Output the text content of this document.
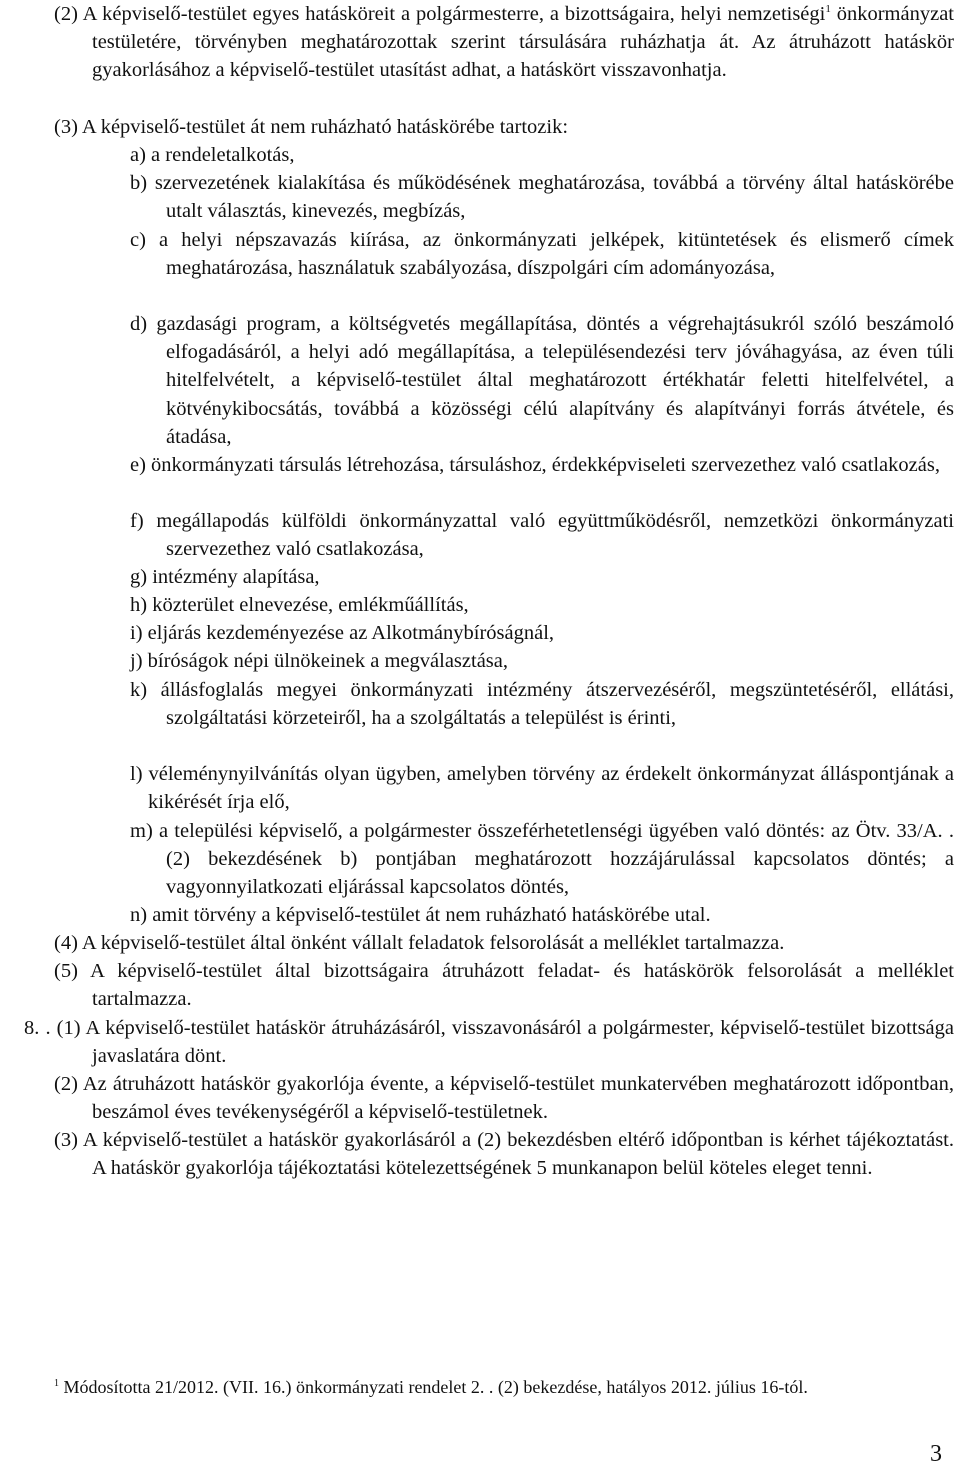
(2) A képviselő-testület egyes hatásköreit a polgármesterre, a bizottságaira, helyi nemzetiségi$^1$ önkormányzat testületére, törvényben meghatározottak szerint társulására ruházhatja át. Az átruházott hatáskör gyakorlásához a képviselő-testület utasítást adhat, a hatáskört visszavonhatja.

(3) A képviselő-testület át nem ruházható hatáskörébe tartozik:

a) a rendeletalkotás,

b) szervezetének kialakítása és működésének meghatározása, továbbá a törvény által hatáskörébe utalt választás, kinevezés, megbízás,

c) a helyi népszavazás kiírása, az önkormányzati jelképek, kitüntetések és elismerő címek meghatározása, használatuk szabályozása, díszpolgári cím adományozása,

d) gazdasági program, a költségvetés megállapítása, döntés a végrehajtásukról szóló beszámoló elfogadásáról, a helyi adó megállapítása, a településendezési terv jóváhagyása, az éven túli hitelfelvételt, a képviselő-testület által meghatározott értékhatár feletti hitelfelvétel, a kötvénykibocsátás, továbbá a közösségi célú alapítvány és alapítványi forrás átvétele, és átadása,

e) önkormányzati társulás létrehozása, társuláshoz, érdekképviseleti szervezethez való csatlakozás,

f) megállapodás külföldi önkormányzattal való együttműködésről, nemzetközi önkormányzati szervezethez való csatlakozása,

g) intézmény alapítása,

h) közterület elnevezése, emlékműállítás,

i) eljárás kezdeményezése az Alkotmánybíróságnál,

j) bíróságok népi ülnökeinek a megválasztása,

k) állásfoglalás megyei önkormányzati intézmény átszervezéséről, megszüntetéséről, ellátási, szolgáltatási körzeteiről, ha a szolgáltatás a települést is érinti,

l) véleménynyilvánítás olyan ügyben, amelyben törvény az érdekelt önkormányzat álláspontjának a kikérését írja elő,

m) a települési képviselő, a polgármester összeférhetetlenségi ügyében való döntés: az Ötv. 33/A. . (2) bekezdésének b) pontjában meghatározott hozzájárulással kapcsolatos döntés; a vagyonnyilatkozati eljárással kapcsolatos döntés,

n) amit törvény a képviselő-testület át nem ruházható hatáskörébe utal.

(4) A képviselő-testület által önként vállalt feladatok felsorolását a melléklet tartalmazza.

(5) A képviselő-testület által bizottságaira átruházott feladat- és hatáskörök felsorolását a melléklet tartalmazza.

8. . (1) A képviselő-testület hatáskör átruházásáról, visszavonásáról a polgármester, képviselő-testület bizottsága javaslatára dönt.

(2) Az átruházott hatáskör gyakorlója évente, a képviselő-testület munkatervében meghatározott időpontban, beszámol éves tevékenységéről a képviselő-testületnek.

(3) A képviselő-testület a hatáskör gyakorlásáról a (2) bekezdésben eltérő időpontban is kérhet tájékoztatást. A hatáskör gyakorlója tájékoztatási kötelezettségének 5 munkanapon belül köteles eleget tenni.

$^1$ Módosította 21/2012. (VII. 16.) önkormányzati rendelet 2. . (2) bekezdése, hatályos 2012. július 16-tól.
3
